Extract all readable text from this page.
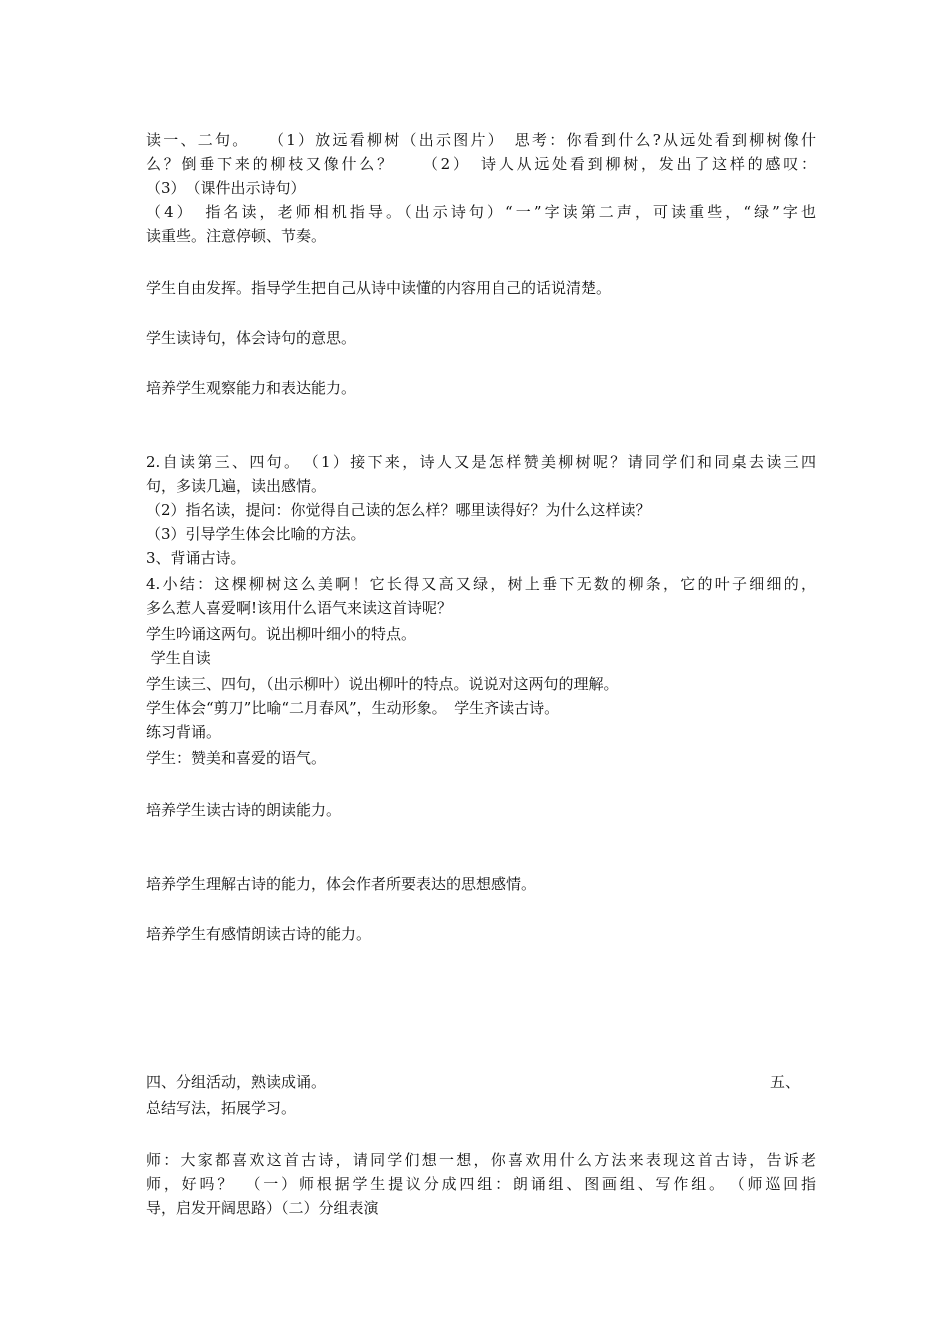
读一、二句。　　（1）放远看柳树（出示图片）　思考：你看到什么?从远处看到柳树像什
么？倒垂下来的柳枝又像什么？　　（2）　诗人从远处看到柳树，发出了这样的感叹：
（3）　（课件出示诗句）
（4）　指名读，老师相机指导。（出示诗句）“一”字读第二声，可读重些，“绿”字也
读重些。注意停顿、节奏。
学生自由发挥。指导学生把自己从诗中读懂的内容用自己的话说清楚。
学生读诗句，体会诗句的意思。
培养学生观察能力和表达能力。
2.自读第三、四句。　（1）接下来，诗人又是怎样赞美柳树呢？请同学们和同桌去读三四
句，多读几遍，读出感情。
（2）指名读，提问：你觉得自己读的怎么样？哪里读得好？为什么这样读？
（3）引导学生体会比喻的方法。
3、背诵古诗。
4.小结：这棵柳树这么美啊！它长得又高又绿，树上垂下无数的柳条，它的叶子细细的，
多么惹人喜爱啊!该用什么语气来读这首诗呢？
学生吟诵这两句。说出柳叶细小的特点。
学生自读
学生读三、四句，（出示柳叶）说出柳叶的特点。说说对这两句的理解。
学生体会“剪刀”比喻“二月春风”，生动形象。　学生齐读古诗。
练习背诵。
学生：赞美和喜爱的语气。
培养学生读古诗的朗读能力。
培养学生理解古诗的能力，体会作者所要表达的思想感情。
培养学生有感情朗读古诗的能力。
四、分组活动，熟读成诵。	五、
总结写法，拓展学习。
师：大家都喜欢这首古诗，请同学们想一想，你喜欢用什么方法来表现这首古诗，告诉老
师，好吗？　（一）师根据学生提议分成四组：朗诵组、图画组、写作组。　（师巡回指
导，启发开阔思路）（二）分组表演
